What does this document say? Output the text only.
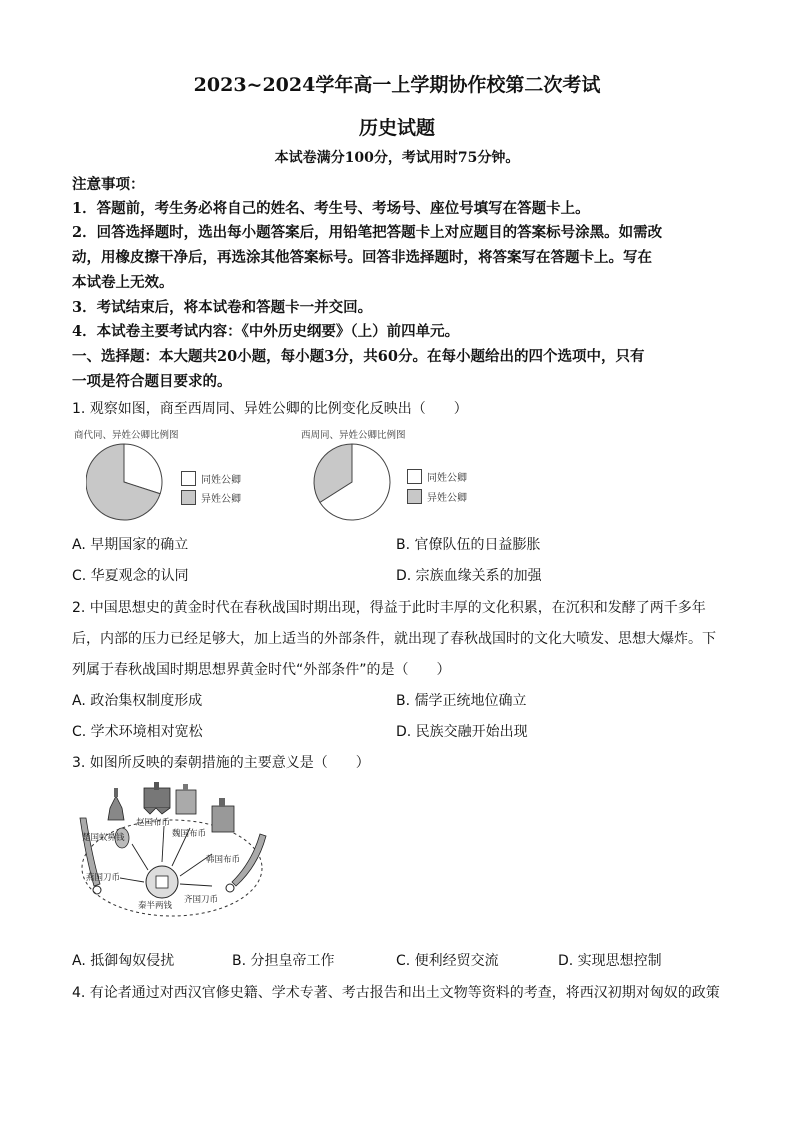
2023~2024学年高一上学期协作校第二次考试
历史试题
本试卷满分100分，考试用时75分钟。
注意事项：
1．答题前，考生务必将自己的姓名、考生号、考场号、座位号填写在答题卡上。
2．回答选择题时，选出每小题答案后，用铅笔把答题卡上对应题目的答案标号涂黑。如需改
动，用橡皮擦干净后，再选涂其他答案标号。回答非选择题时，将答案写在答题卡上。写在
本试卷上无效。
3．考试结束后，将本试卷和答题卡一并交回。
4．本试卷主要考试内容：《中外历史纲要》（上）前四单元。
一、选择题：本大题共20小题，每小题3分，共60分。在每小题给出的四个选项中，只有
一项是符合题目要求的。
1. 观察如图，商至西周同、异姓公卿的比例变化反映出（　　）
商代同、异姓公卿比例图
同姓公卿
异姓公卿
西周同、异姓公卿比例图
同姓公卿
异姓公卿
A. 早期国家的确立	B. 官僚队伍的日益膨胀
C. 华夏观念的认同	D. 宗族血缘关系的加强
2. 中国思想史的黄金时代在春秋战国时期出现，得益于此时丰厚的文化积累，在沉积和发酵了两千多年
后，内部的压力已经足够大，加上适当的外部条件，就出现了春秋战国时的文化大喷发、思想大爆炸。下
列属于春秋战国时期思想界黄金时代“外部条件”的是（　　）
A. 政治集权制度形成	B. 儒学正统地位确立
C. 学术环境相对宽松	D. 民族交融开始出现
3. 如图所反映的秦朝措施的主要意义是（　　）
赵国布币
魏国布币
楚国蚁鼻钱
韩国布币
燕国刀币
齐国刀币
秦半两钱
A. 抵御匈奴侵扰	B. 分担皇帝工作	C. 便利经贸交流	D. 实现思想控制
4. 有论者通过对西汉官修史籍、学术专著、考古报告和出土文物等资料的考查，将西汉初期对匈奴的政策
